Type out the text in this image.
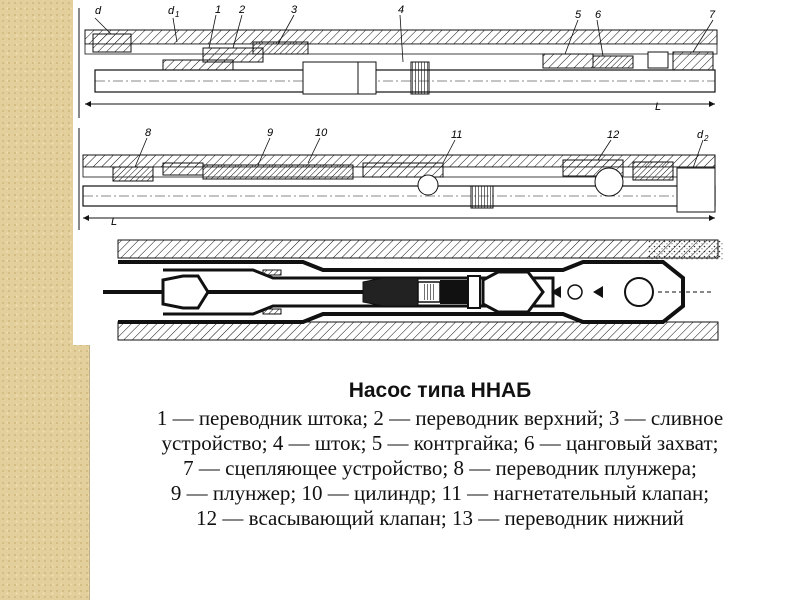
d	d 1	1 2	3	4	5 6	7
L
8	9	10	11	12	d 2
L
Насос типа ННАБ
1 — переводник штока; 2 — переводник верхний; 3 — сливное
устройство; 4 — шток; 5 — контргайка; 6 — цанговый захват;
7 — сцепляющее устройство; 8 — переводник плунжера;
9 — плунжер; 10 — цилиндр; 11 — нагнетательный клапан;
12 — всасывающий клапан; 13 — переводник нижний
